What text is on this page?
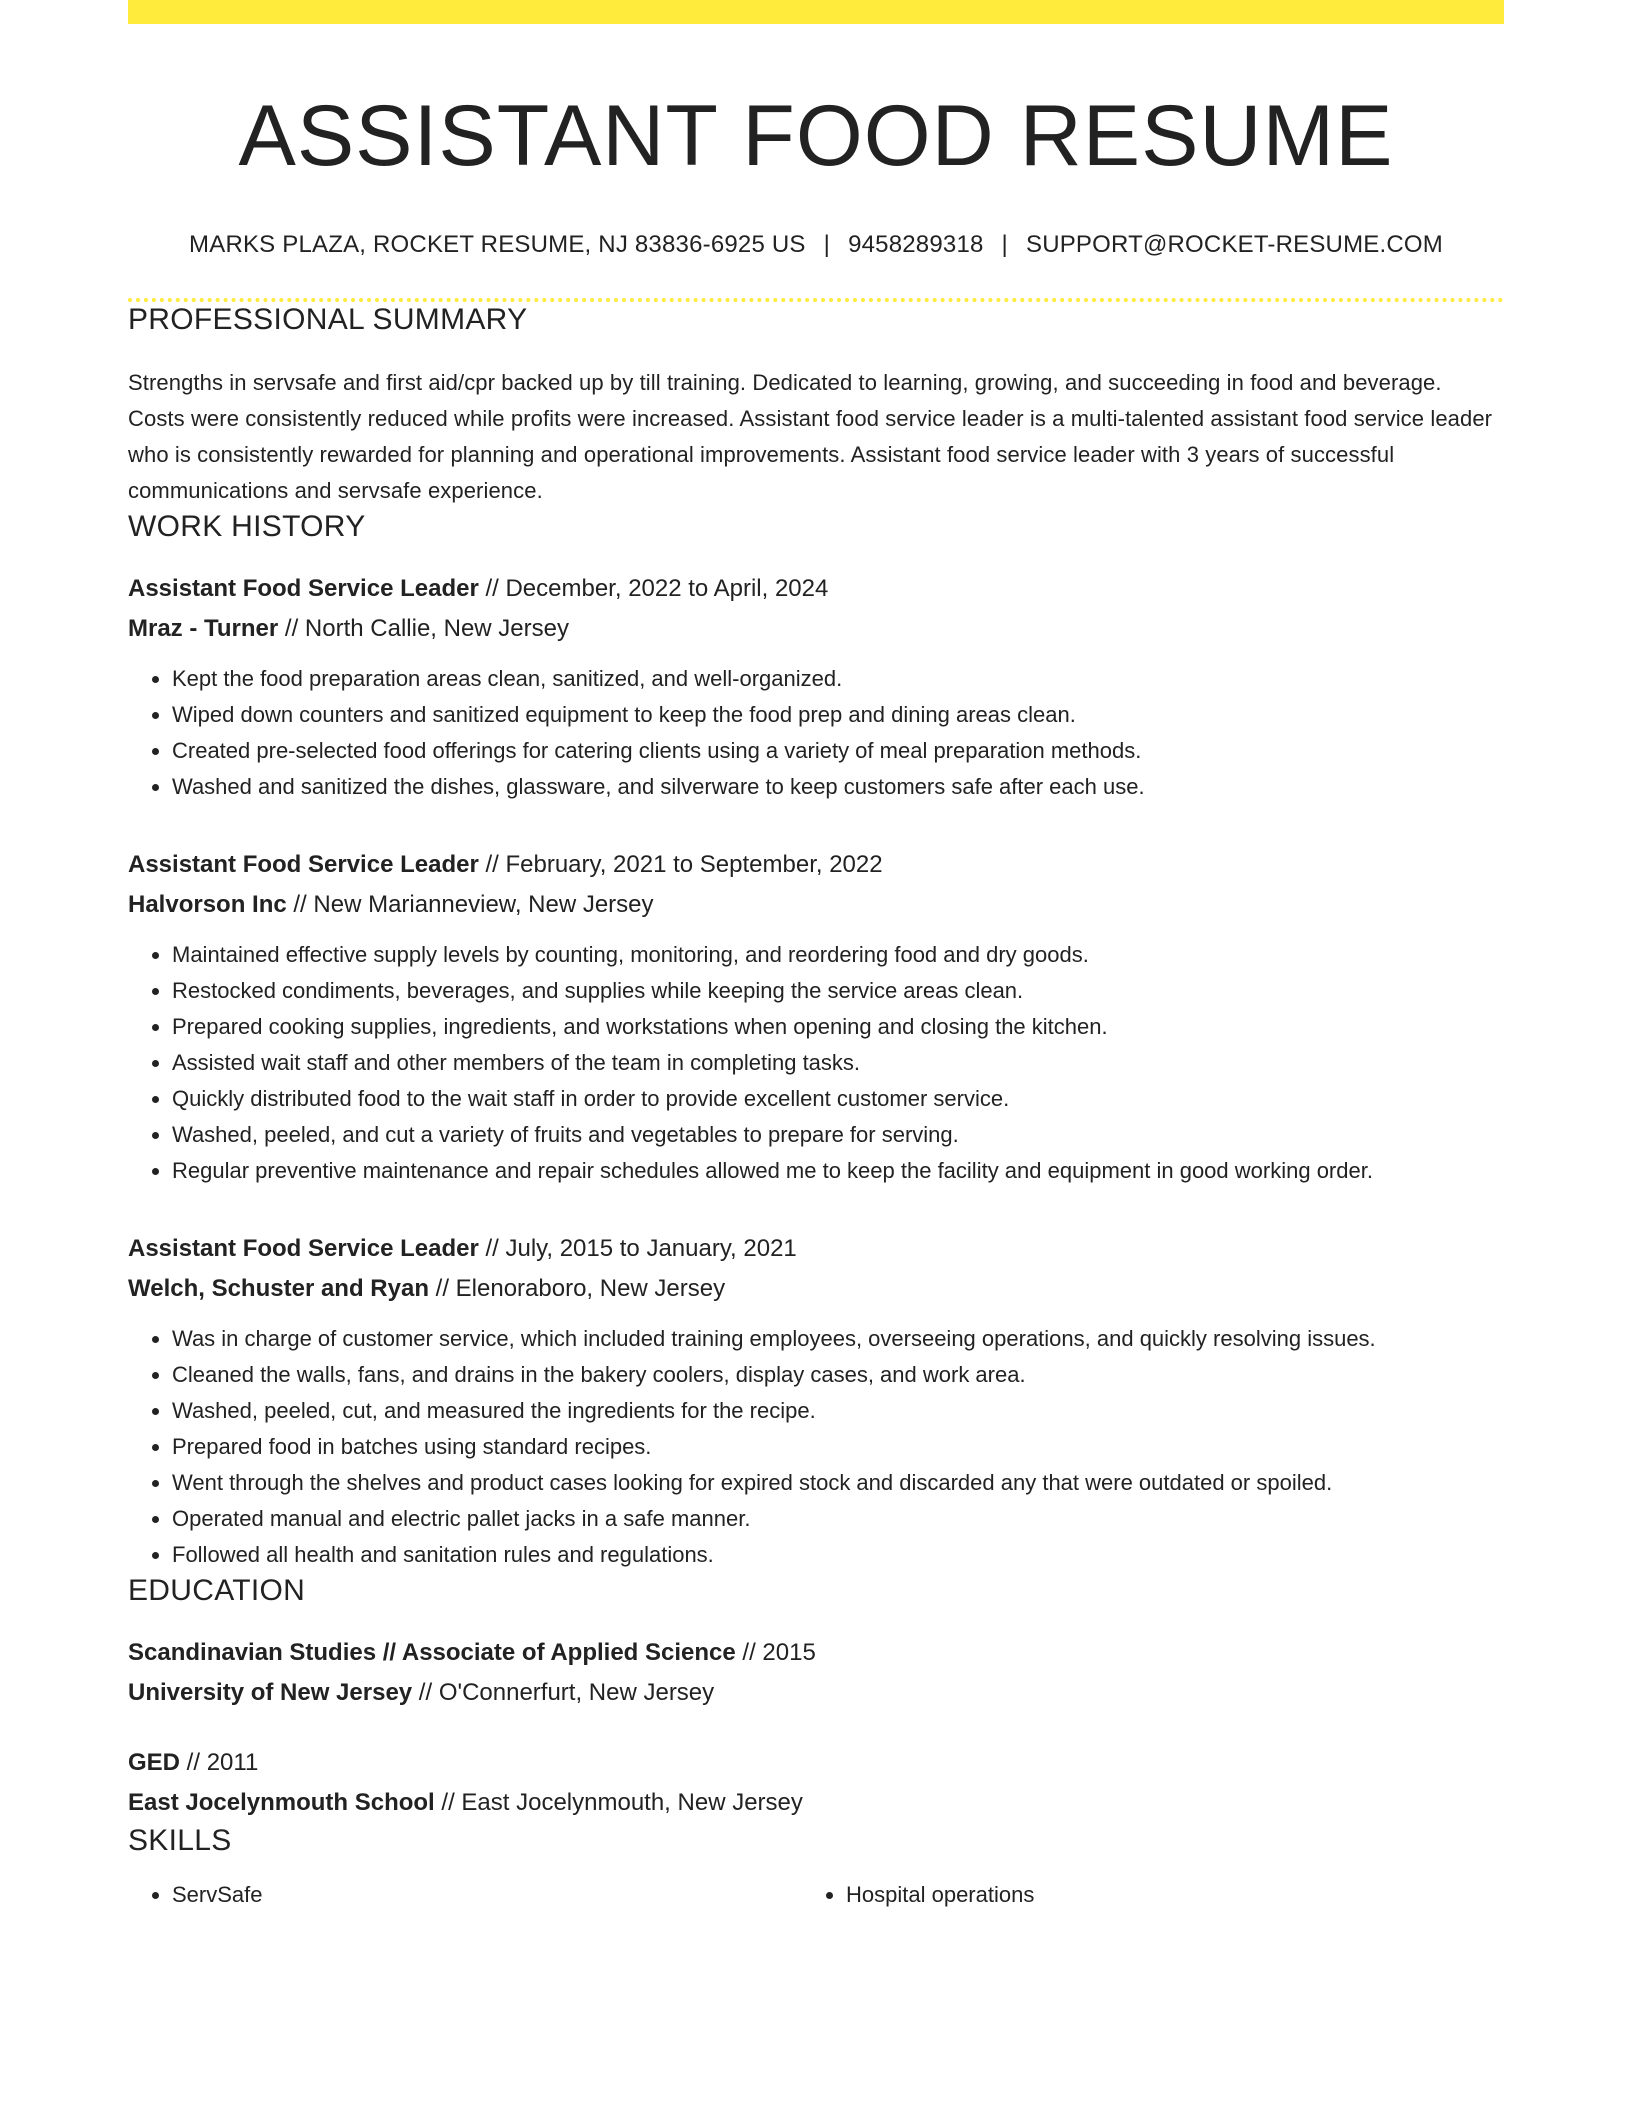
ASSISTANT FOOD RESUME
MARKS PLAZA, ROCKET RESUME, NJ 83836-6925 US | 9458289318 | SUPPORT@ROCKET-RESUME.COM
PROFESSIONAL SUMMARY

Strengths in servsafe and first aid/cpr backed up by till training. Dedicated to learning, growing, and succeeding in food and beverage. Costs were consistently reduced while profits were increased. Assistant food service leader is a multi-talented assistant food service leader who is consistently rewarded for planning and operational improvements. Assistant food service leader with 3 years of successful communications and servsafe experience.

WORK HISTORY
Assistant Food Service Leader // December, 2022 to April, 2024
Mraz - Turner // North Callie, New Jersey
• Kept the food preparation areas clean, sanitized, and well-organized.
• Wiped down counters and sanitized equipment to keep the food prep and dining areas clean.
• Created pre-selected food offerings for catering clients using a variety of meal preparation methods.
• Washed and sanitized the dishes, glassware, and silverware to keep customers safe after each use.
Assistant Food Service Leader // February, 2021 to September, 2022
Halvorson Inc // New Marianneview, New Jersey
• Maintained effective supply levels by counting, monitoring, and reordering food and dry goods.
• Restocked condiments, beverages, and supplies while keeping the service areas clean.
• Prepared cooking supplies, ingredients, and workstations when opening and closing the kitchen.
• Assisted wait staff and other members of the team in completing tasks.
• Quickly distributed food to the wait staff in order to provide excellent customer service.
• Washed, peeled, and cut a variety of fruits and vegetables to prepare for serving.
• Regular preventive maintenance and repair schedules allowed me to keep the facility and equipment in good working order.
Assistant Food Service Leader // July, 2015 to January, 2021
Welch, Schuster and Ryan // Elenoraboro, New Jersey
• Was in charge of customer service, which included training employees, overseeing operations, and quickly resolving issues.
• Cleaned the walls, fans, and drains in the bakery coolers, display cases, and work area.
• Washed, peeled, cut, and measured the ingredients for the recipe.
• Prepared food in batches using standard recipes.
• Went through the shelves and product cases looking for expired stock and discarded any that were outdated or spoiled.
• Operated manual and electric pallet jacks in a safe manner.
• Followed all health and sanitation rules and regulations.
EDUCATION
Scandinavian Studies // Associate of Applied Science // 2015
University of New Jersey // O'Connerfurt, New Jersey
GED // 2011
East Jocelynmouth School // East Jocelynmouth, New Jersey
SKILLS
• ServSafe
•	Hospital operations
